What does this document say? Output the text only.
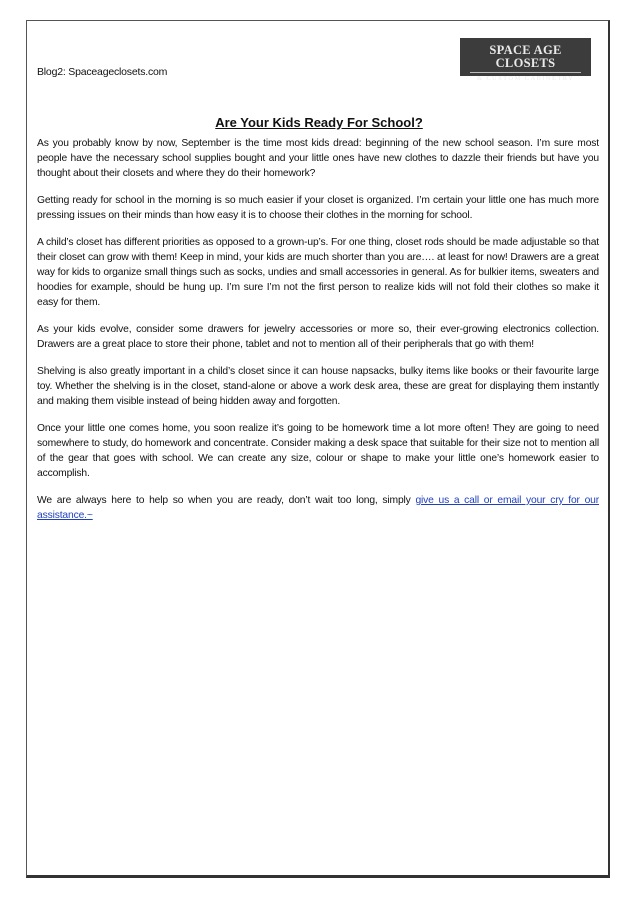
Blog2: Spaceageclosets.com
SPACE AGE CLOSETS
& CUSTOM CABINETRY
Are Your Kids Ready For School?

As you probably know by now, September is the time most kids dread: beginning of the new school season. I’m sure most people have the necessary school supplies bought and your little ones have new clothes to dazzle their friends but have you thought about their closets and where they do their homework?

Getting ready for school in the morning is so much easier if your closet is organized. I’m certain your little one has much more pressing issues on their minds than how easy it is to choose their clothes in the morning for school.

A child’s closet has different priorities as opposed to a grown-up’s. For one thing, closet rods should be made adjustable so that their closet can grow with them! Keep in mind, your kids are much shorter than you are…. at least for now! Drawers are a great way for kids to organize small things such as socks, undies and small accessories in general. As for bulkier items, sweaters and hoodies for example, should be hung up. I’m sure I’m not the first person to realize kids will not fold their clothes so make it easy for them.

As your kids evolve, consider some drawers for jewelry accessories or more so, their ever-growing electronics collection. Drawers are a great place to store their phone, tablet and not to mention all of their peripherals that go with them!

Shelving is also greatly important in a child’s closet since it can house napsacks, bulky items like books or their favourite large toy. Whether the shelving is in the closet, stand-alone or above a work desk area, these are great for displaying them instantly and making them visible instead of being hidden away and forgotten.

Once your little one comes home, you soon realize it’s going to be homework time a lot more often! They are going to need somewhere to study, do homework and concentrate. Consider making a desk space that suitable for their size not to mention all of the gear that goes with school. We can create any size, colour or shape to make your little one’s homework easier to accomplish.

We are always here to help so when you are ready, don’t wait too long, simply give us a call or email your cry for our assistance.~
